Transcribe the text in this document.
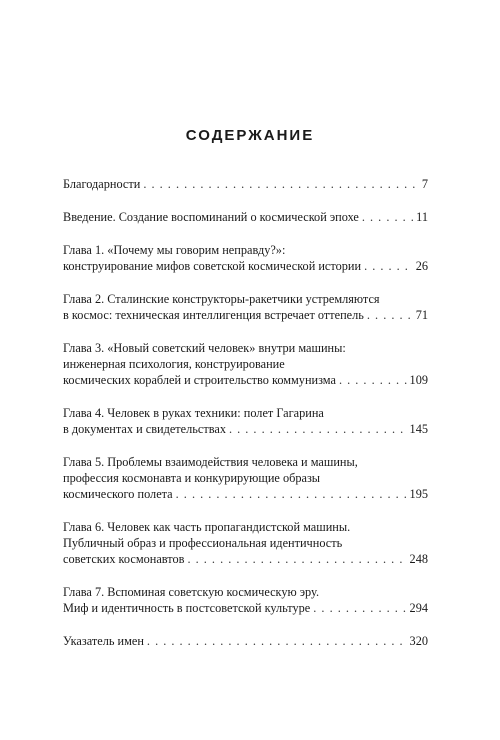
СОДЕРЖАНИЕ
Благодарности . . .	7
Введение. Создание воспоминаний о космической эпохе . . .	11
Глава 1. «Почему мы говорим неправду?»:
конструирование мифов советской космической истории . . .	26
Глава 2. Сталинские конструкторы-ракетчики устремляются
в космос: техническая интеллигенция встречает оттепель . . .	71
Глава 3. «Новый советский человек» внутри машины:
инженерная психология, конструирование
космических кораблей и строительство коммунизма . . .	109
Глава 4. Человек в руках техники: полет Гагарина
в документах и свидетельствах . . .	145
Глава 5. Проблемы взаимодействия человека и машины,
профессия космонавта и конкурирующие образы
космического полета . . .	195
Глава 6. Человек как часть пропагандистской машины.
Публичный образ и профессиональная идентичность
советских космонавтов . . .	248
Глава 7. Вспоминая советскую космическую эру.
Миф и идентичность в постсоветской культуре . . .	294
Указатель имен . . .	320
